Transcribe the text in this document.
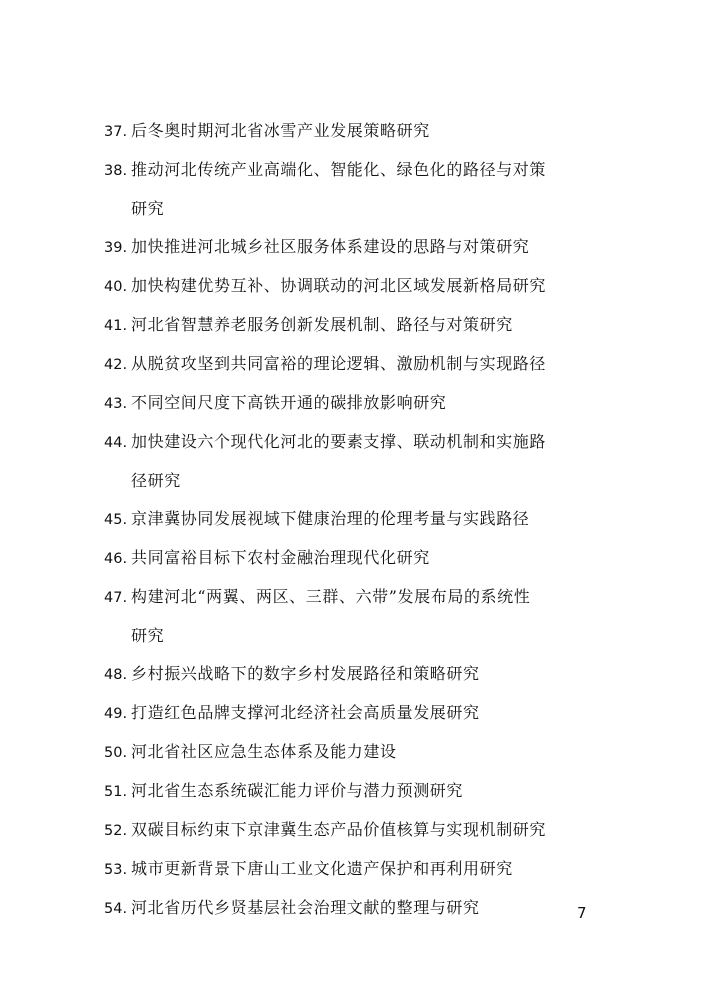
37. 后冬奥时期河北省冰雪产业发展策略研究
38. 推动河北传统产业高端化、智能化、绿色化的路径与对策
研究
39. 加快推进河北城乡社区服务体系建设的思路与对策研究
40. 加快构建优势互补、协调联动的河北区域发展新格局研究
41. 河北省智慧养老服务创新发展机制、路径与对策研究
42. 从脱贫攻坚到共同富裕的理论逻辑、激励机制与实现路径
43. 不同空间尺度下高铁开通的碳排放影响研究
44. 加快建设六个现代化河北的要素支撑、联动机制和实施路
径研究
45. 京津冀协同发展视域下健康治理的伦理考量与实践路径
46. 共同富裕目标下农村金融治理现代化研究
47. 构建河北“两翼、两区、三群、六带”发展布局的系统性
研究
48. 乡村振兴战略下的数字乡村发展路径和策略研究
49. 打造红色品牌支撑河北经济社会高质量发展研究
50. 河北省社区应急生态体系及能力建设
51. 河北省生态系统碳汇能力评价与潜力预测研究
52. 双碳目标约束下京津冀生态产品价值核算与实现机制研究
53. 城市更新背景下唐山工业文化遗产保护和再利用研究
54. 河北省历代乡贤基层社会治理文献的整理与研究	7
